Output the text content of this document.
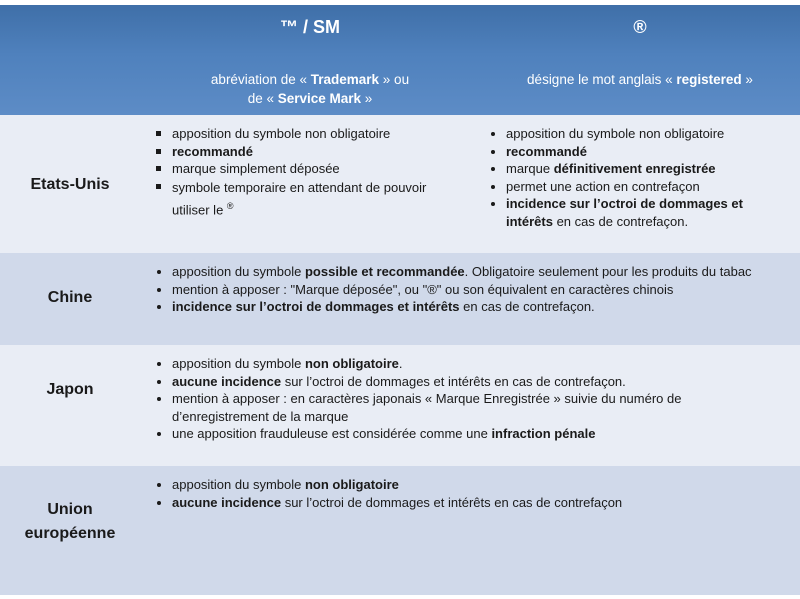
™ / SM	®
abréviation de « Trademark » ou
de « Service Mark »
désigne le mot anglais « registered »
Etats-Unis
apposition du symbole non obligatoire
recommandé
marque simplement déposée
symbole temporaire en attendant de pouvoir
utiliser le ®
apposition du symbole non obligatoire
recommandé
marque définitivement enregistrée
permet une action en contrefaçon
incidence sur l’octroi de dommages et intérêts en cas de contrefaçon.
Chine
apposition du symbole possible et recommandée. Obligatoire seulement pour les produits du tabac
mention à apposer : "Marque déposée", ou "®" ou son équivalent en caractères chinois
incidence sur l’octroi de dommages et intérêts en cas de contrefaçon.
Japon
apposition du symbole non obligatoire.
aucune incidence sur l’octroi de dommages et intérêts en cas de contrefaçon.
mention à apposer : en caractères japonais « Marque Enregistrée » suivie du numéro de d’enregistrement de la marque
une apposition frauduleuse est considérée comme une infraction pénale
Union
européenne
apposition du symbole non obligatoire
aucune incidence sur l’octroi de dommages et intérêts en cas de contrefaçon
